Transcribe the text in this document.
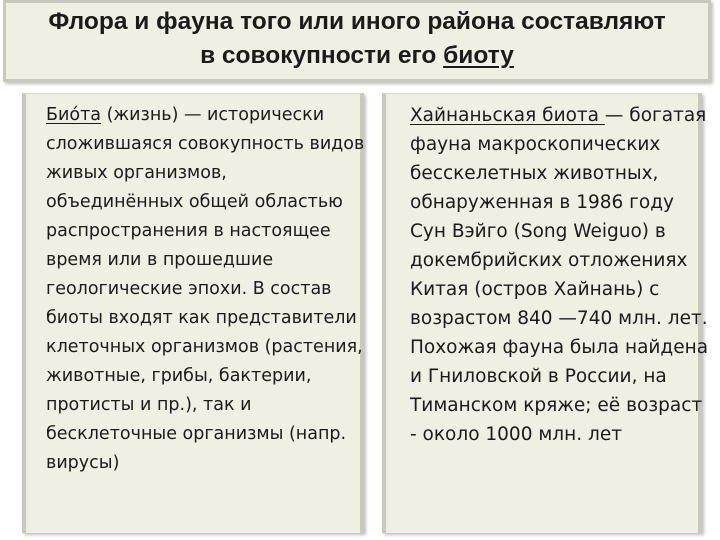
Флора и фауна того или иного района составляют
в совокупности его биоту

Биóта (жизнь) — исторически сложившаяся совокупность видов живых организмов, объединённых общей областью распространения в настоящее время или в прошедшие геологические эпохи. В состав биоты входят как представители клеточных организмов (растения, животные, грибы, бактерии, протисты и пр.), так и бесклеточные организмы (напр. вирусы)

Хайнаньская биота — богатая фауна макроскопических бесскелетных животных, обнаруженная в 1986 году Сун Вэйго (Song Weiguo) в докембрийских отложениях Китая (остров Хайнань) с возрастом 840 —740 млн. лет. Похожая фауна была найдена и Гниловской в России, на Тиманском кряже; её возраст - около 1000 млн. лет
